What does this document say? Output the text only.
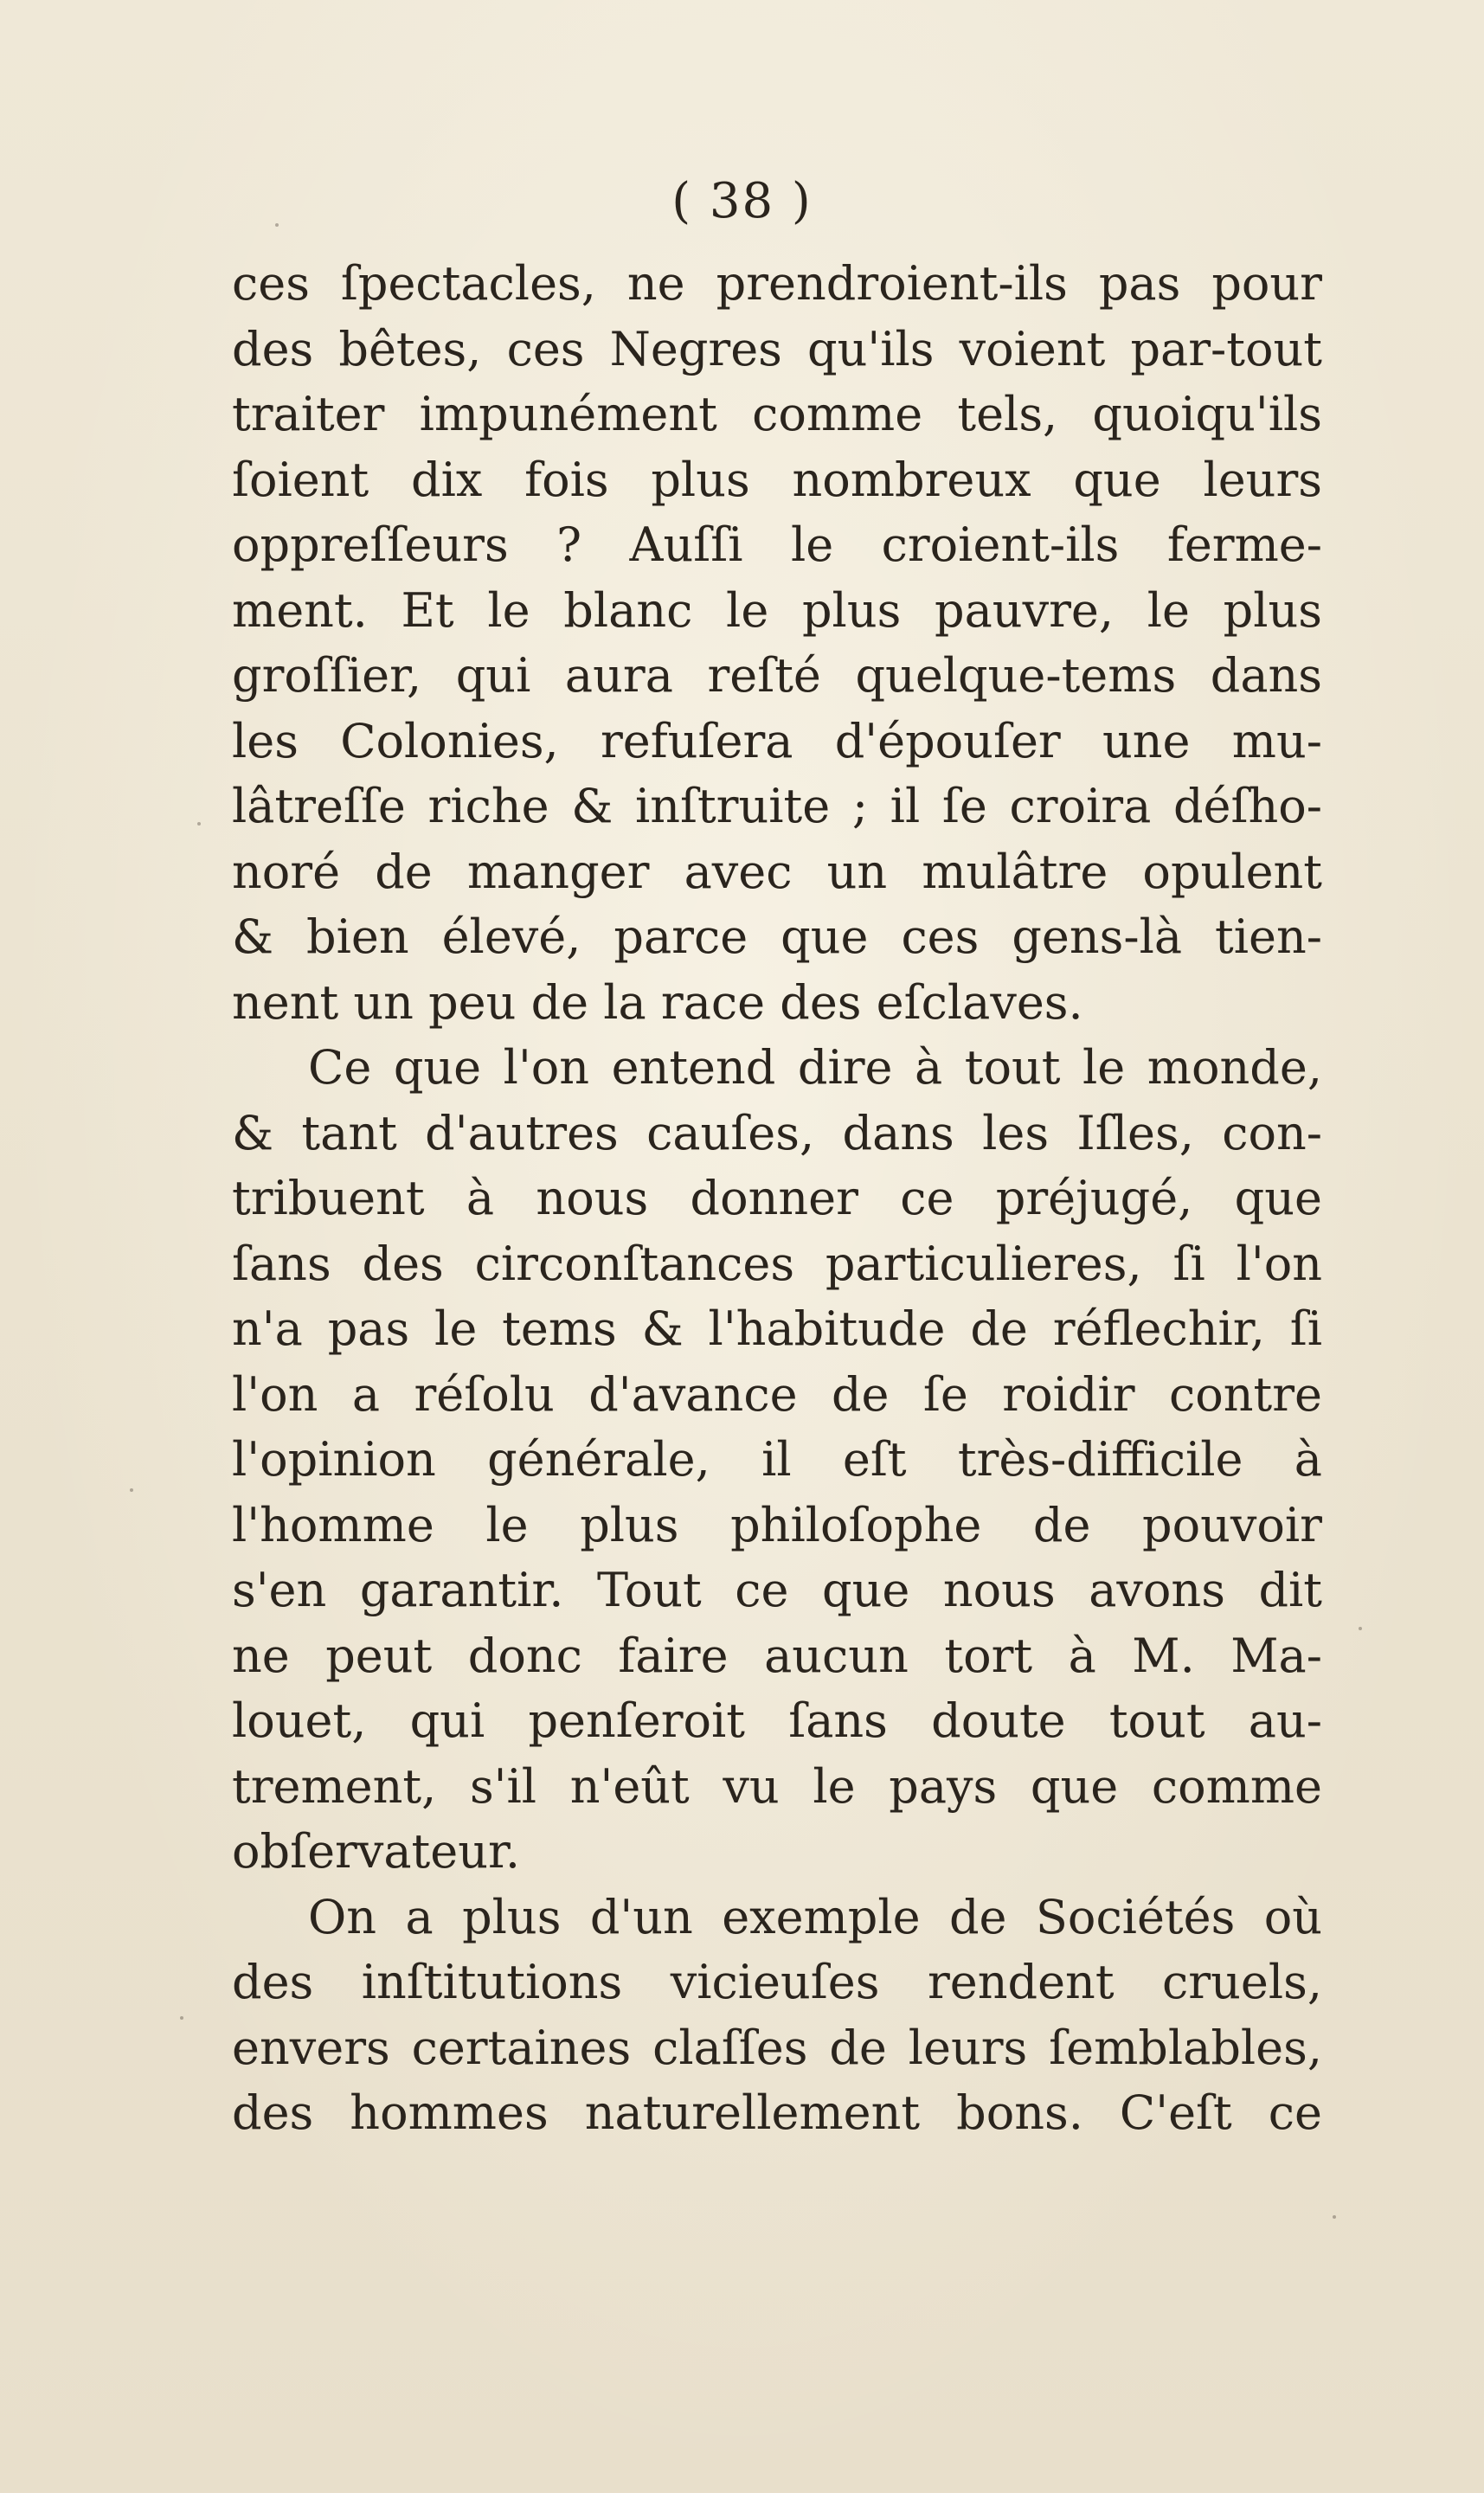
( 38 )
ces ſpectacles, ne prendroient-ils pas pour
des bêtes, ces Negres qu'ils voient par-tout
traiter impunément comme tels, quoiqu'ils
ſoient dix fois plus nombreux que leurs
oppreſſeurs ? Auſſi le croient-ils ferme-
ment. Et le blanc le plus pauvre, le plus
groſſier, qui aura reſté quelque-tems dans
les Colonies, refuſera d'épouſer une mu-
lâtreſſe riche & inſtruite ; il ſe croira déſho-
noré de manger avec un mulâtre opulent
& bien élevé, parce que ces gens-là tien-
nent un peu de la race des eſclaves.
Ce que l'on entend dire à tout le monde,
& tant d'autres cauſes, dans les Iſles, con-
tribuent à nous donner ce préjugé, que
ſans des circonſtances particulieres, ſi l'on
n'a pas le tems & l'habitude de réflechir, ſi
l'on a réſolu d'avance de ſe roidir contre
l'opinion générale, il eſt très-difficile à
l'homme le plus philoſophe de pouvoir
s'en garantir. Tout ce que nous avons dit
ne peut donc faire aucun tort à M. Ma-
louet, qui penſeroit ſans doute tout au-
trement, s'il n'eût vu le pays que comme
obſervateur.
On a plus d'un exemple de Sociétés où
des inſtitutions vicieuſes rendent cruels,
envers certaines claſſes de leurs ſemblables,
des hommes naturellement bons. C'eſt ce
